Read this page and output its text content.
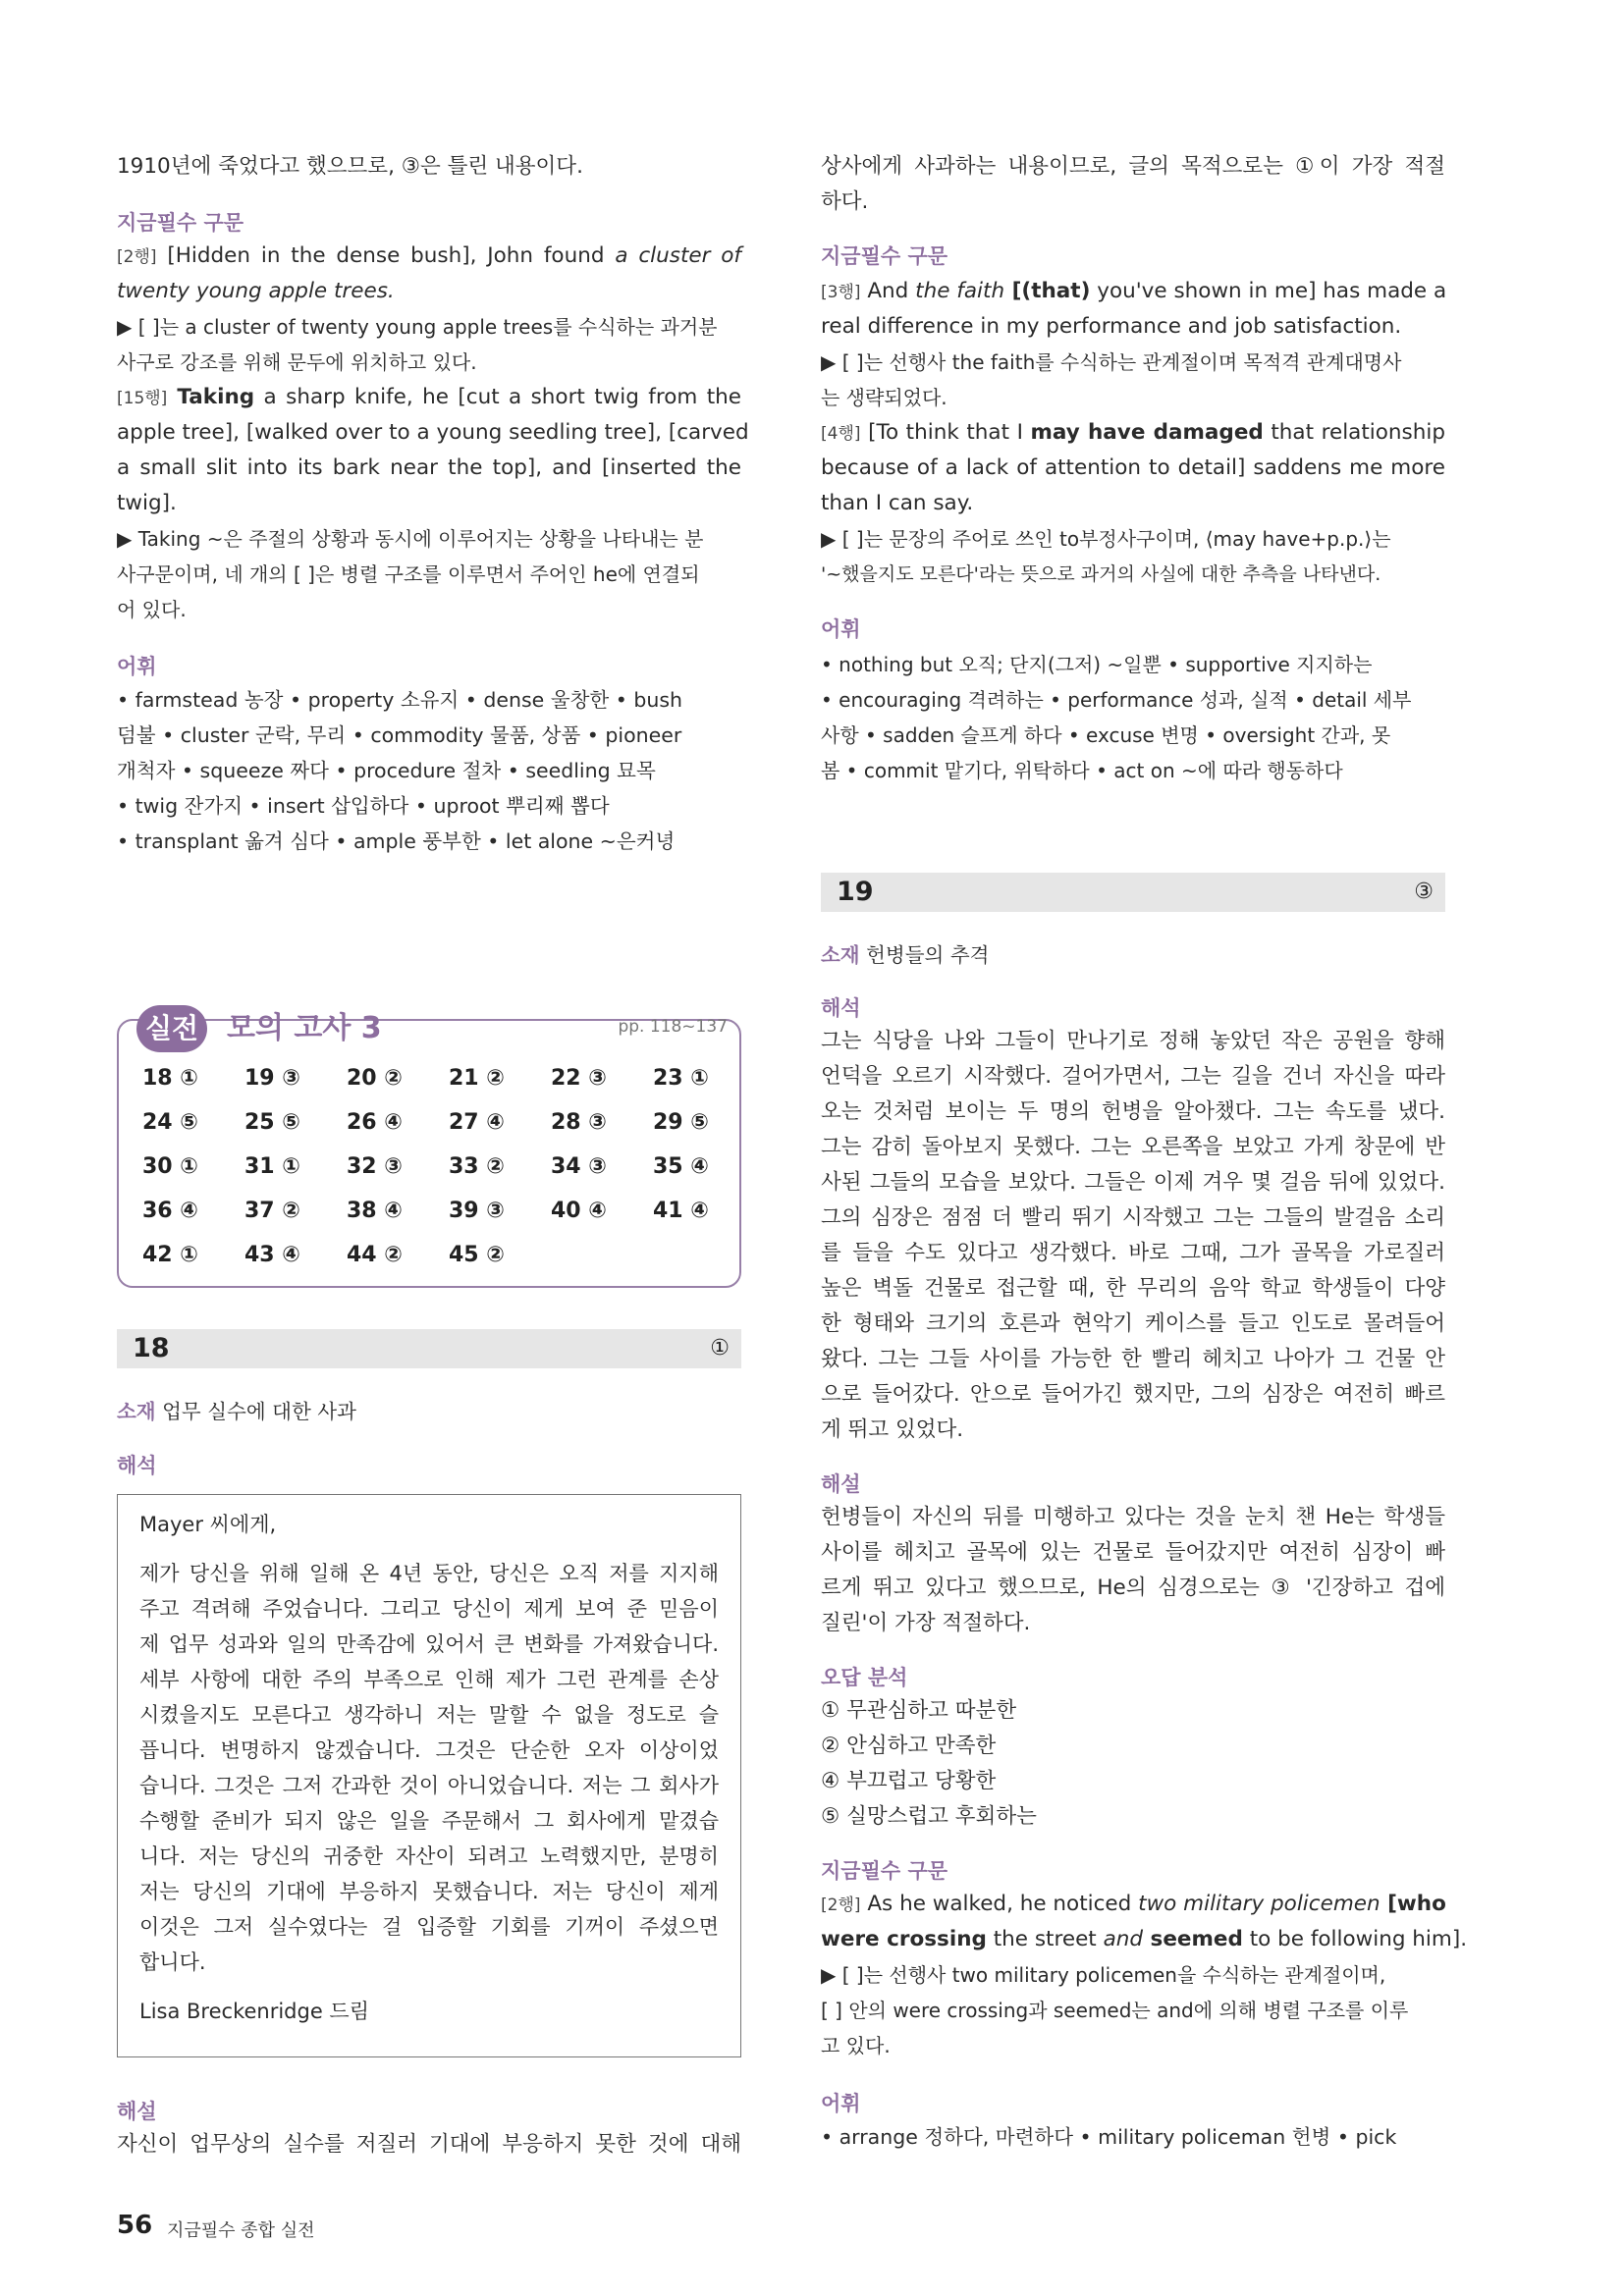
1910년에 죽었다고 했으므로, ③은 틀린 내용이다.
지금필수 구문
[2행] [Hidden in the dense bush], John found a cluster of
twenty young apple trees.
▶ [ ]는 a cluster of twenty young apple trees를 수식하는 과거분
사구로 강조를 위해 문두에 위치하고 있다.
[15행] Taking a sharp knife, he [cut a short twig from the
apple tree], [walked over to a young seedling tree], [carved
a small slit into its bark near the top], and [inserted the
twig].
▶ Taking ~은 주절의 상황과 동시에 이루어지는 상황을 나타내는 분
사구문이며, 네 개의 [ ]은 병렬 구조를 이루면서 주어인 he에 연결되
어 있다.
어휘
• farmstead 농장 • property 소유지 • dense 울창한 • bush
덤불 • cluster 군락, 무리 • commodity 물품, 상품 • pioneer
개척자 • squeeze 짜다 • procedure 절차 • seedling 묘목
• twig 잔가지 • insert 삽입하다 • uproot 뿌리째 뽑다
• transplant 옮겨 심다 • ample 풍부한 • let alone ~은커녕
실전 모의 고사 3	pp. 118~137
18 ① 19 ③ 20 ② 21 ② 22 ③ 23 ①
24 ⑤ 25 ⑤ 26 ④ 27 ④ 28 ③ 29 ⑤
30 ① 31 ① 32 ③ 33 ② 34 ③ 35 ④
36 ④ 37 ② 38 ④ 39 ③ 40 ④ 41 ④
42 ① 43 ④ 44 ② 45 ②
18	①
소재 업무 실수에 대한 사과
해석
Mayer 씨에게,
제가 당신을 위해 일해 온 4년 동안, 당신은 오직 저를 지지해
주고 격려해 주었습니다. 그리고 당신이 제게 보여 준 믿음이
제 업무 성과와 일의 만족감에 있어서 큰 변화를 가져왔습니다.
세부 사항에 대한 주의 부족으로 인해 제가 그런 관계를 손상
시켰을지도 모른다고 생각하니 저는 말할 수 없을 정도로 슬
픕니다. 변명하지 않겠습니다. 그것은 단순한 오자 이상이었
습니다. 그것은 그저 간과한 것이 아니었습니다. 저는 그 회사가
수행할 준비가 되지 않은 일을 주문해서 그 회사에게 맡겼습
니다. 저는 당신의 귀중한 자산이 되려고 노력했지만, 분명히
저는 당신의 기대에 부응하지 못했습니다. 저는 당신이 제게
이것은 그저 실수였다는 걸 입증할 기회를 기꺼이 주셨으면
합니다.
Lisa Breckenridge 드림
해설
자신이 업무상의 실수를 저질러 기대에 부응하지 못한 것에 대해
상사에게 사과하는 내용이므로, 글의 목적으로는 ①이 가장 적절
하다.
지금필수 구문
[3행] And the faith [(that) you've shown in me] has made a
real difference in my performance and job satisfaction.
▶ [ ]는 선행사 the faith를 수식하는 관계절이며 목적격 관계대명사
는 생략되었다.
[4행] [To think that I may have damaged that relationship
because of a lack of attention to detail] saddens me more
than I can say.
▶ [ ]는 문장의 주어로 쓰인 to부정사구이며, ⟨may have+p.p.⟩는
'~했을지도 모른다'라는 뜻으로 과거의 사실에 대한 추측을 나타낸다.
어휘
• nothing but 오직; 단지(그저) ~일뿐 • supportive 지지하는
• encouraging 격려하는 • performance 성과, 실적 • detail 세부
사항 • sadden 슬프게 하다 • excuse 변명 • oversight 간과, 못
봄 • commit 맡기다, 위탁하다 • act on ~에 따라 행동하다
19	③
소재 헌병들의 추격
해석
그는 식당을 나와 그들이 만나기로 정해 놓았던 작은 공원을 향해
언덕을 오르기 시작했다. 걸어가면서, 그는 길을 건너 자신을 따라
오는 것처럼 보이는 두 명의 헌병을 알아챘다. 그는 속도를 냈다.
그는 감히 돌아보지 못했다. 그는 오른쪽을 보았고 가게 창문에 반
사된 그들의 모습을 보았다. 그들은 이제 겨우 몇 걸음 뒤에 있었다.
그의 심장은 점점 더 빨리 뛰기 시작했고 그는 그들의 발걸음 소리
를 들을 수도 있다고 생각했다. 바로 그때, 그가 골목을 가로질러
높은 벽돌 건물로 접근할 때, 한 무리의 음악 학교 학생들이 다양
한 형태와 크기의 호른과 현악기 케이스를 들고 인도로 몰려들어
왔다. 그는 그들 사이를 가능한 한 빨리 헤치고 나아가 그 건물 안
으로 들어갔다. 안으로 들어가긴 했지만, 그의 심장은 여전히 빠르
게 뛰고 있었다.
해설
헌병들이 자신의 뒤를 미행하고 있다는 것을 눈치 챈 He는 학생들
사이를 헤치고 골목에 있는 건물로 들어갔지만 여전히 심장이 빠
르게 뛰고 있다고 했으므로, He의 심경으로는 ③ '긴장하고 겁에
질린'이 가장 적절하다.
오답 분석
① 무관심하고 따분한
② 안심하고 만족한
④ 부끄럽고 당황한
⑤ 실망스럽고 후회하는
지금필수 구문
[2행] As he walked, he noticed two military policemen [who
were crossing the street and seemed to be following him].
▶ [ ]는 선행사 two military policemen을 수식하는 관계절이며,
[ ] 안의 were crossing과 seemed는 and에 의해 병렬 구조를 이루
고 있다.
어휘
• arrange 정하다, 마련하다 • military policeman 헌병 • pick
56 지금필수 종합 실전
